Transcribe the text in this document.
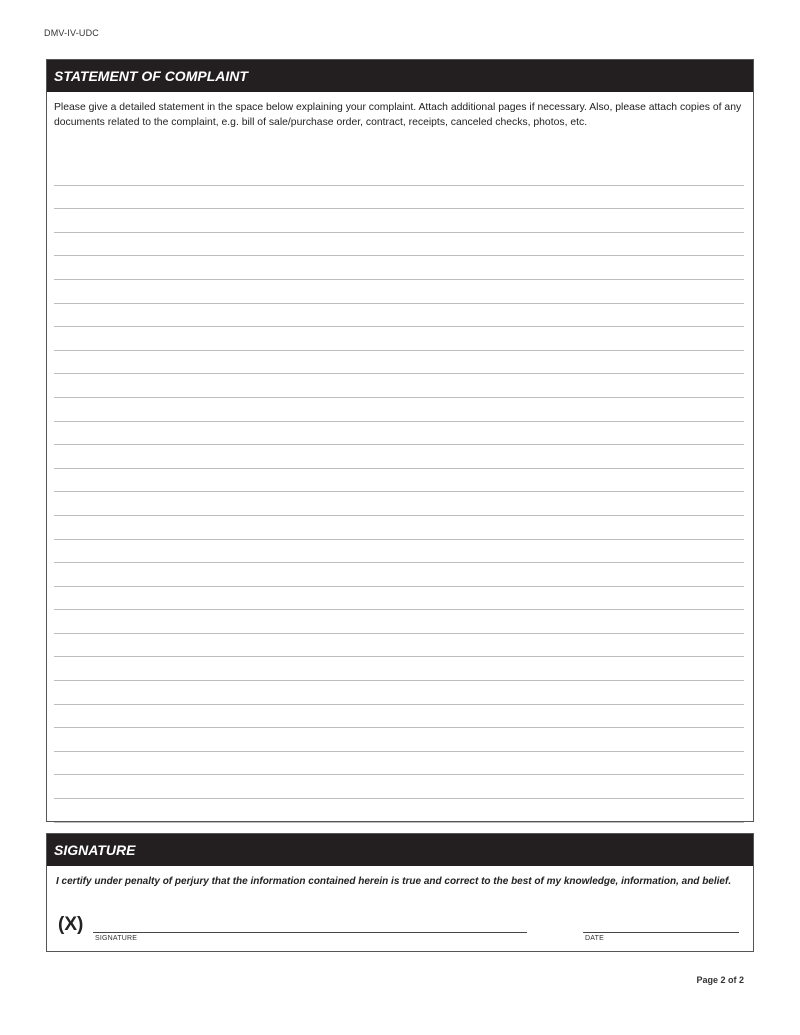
DMV-IV-UDC
STATEMENT OF COMPLAINT

Please give a detailed statement in the space below explaining your complaint. Attach additional pages if necessary. Also, please attach copies of any documents related to the complaint, e.g. bill of sale/purchase order, contract, receipts, canceled checks, photos, etc.

SIGNATURE

I certify under penalty of perjury that the information contained herein is true and correct to the best of my knowledge, information, and belief.

(X)
SIGNATURE	DATE
Page 2 of 2
